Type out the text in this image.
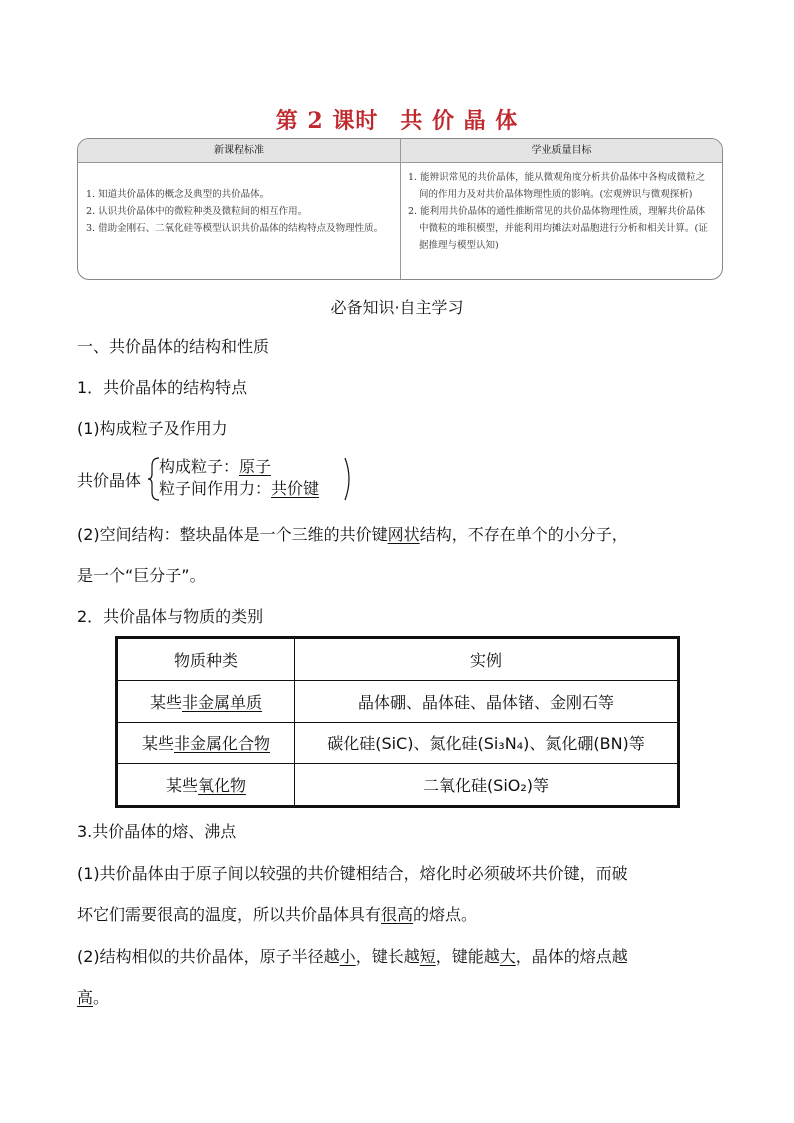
第 2 课时 共 价 晶 体
新课程标准	学业质量目标
1. 知道共价晶体的概念及典型的共价晶体。
2. 认识共价晶体中的微粒种类及微粒间的相互作用。
3. 借助金刚石、二氧化硅等模型认识共价晶体的结构特点及物理性质。
1. 能辨识常见的共价晶体，能从微观角度分析共价晶体中各构成微粒之间的作用力及对共价晶体物理性质的影响。(宏观辨识与微观探析)
2. 能利用共价晶体的通性推断常见的共价晶体物理性质，理解共价晶体中微粒的堆积模型，并能利用均摊法对晶胞进行分析和相关计算。(证据推理与模型认知)
必备知识·自主学习
一、共价晶体的结构和性质
1．共价晶体的结构特点
(1)构成粒子及作用力
共价晶体
构成粒子：原子
粒子间作用力：共价键
(2)空间结构：整块晶体是一个三维的共价键网状结构，不存在单个的小分子，
是一个“巨分子”。
2．共价晶体与物质的类别
物质种类	实例
某些非金属单质	晶体硼、晶体硅、晶体锗、金刚石等
某些非金属化合物	碳化硅(SiC)、氮化硅(Si₃N₄)、氮化硼(BN)等
某些氧化物	二氧化硅(SiO₂)等
3.共价晶体的熔、沸点
(1)共价晶体由于原子间以较强的共价键相结合，熔化时必须破坏共价键，而破
坏它们需要很高的温度，所以共价晶体具有很高的熔点。
(2)结构相似的共价晶体，原子半径越小，键长越短，键能越大，晶体的熔点越
高。
